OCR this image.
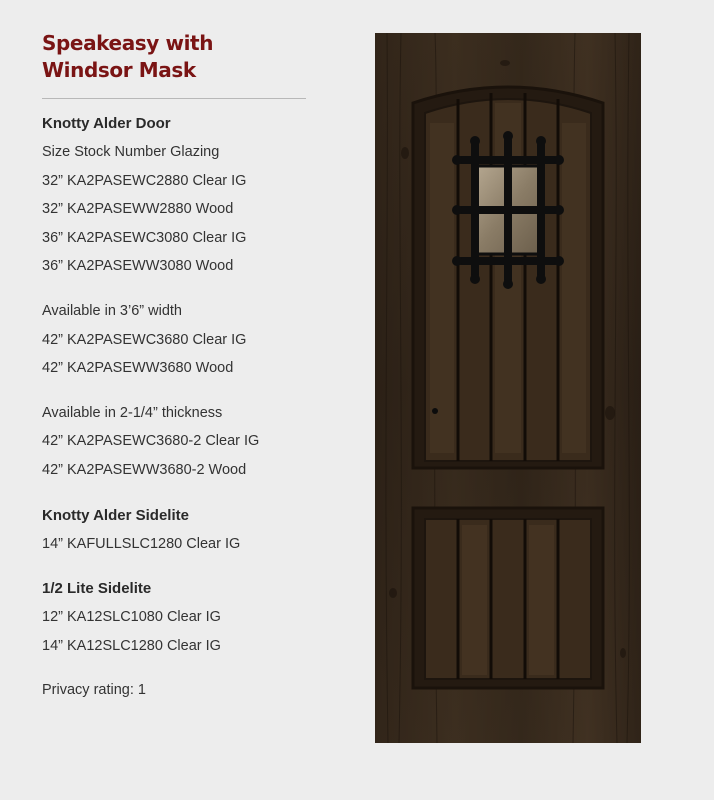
Speakeasy with Windsor Mask
Knotty Alder Door
Size Stock Number Glazing
32” KA2PASEWC2880 Clear IG
32” KA2PASEWW2880 Wood
36” KA2PASEWC3080 Clear IG
36” KA2PASEWW3080 Wood
Available in 3’6” width
42” KA2PASEWC3680 Clear IG
42” KA2PASEWW3680 Wood
Available in 2-1/4” thickness
42” KA2PASEWC3680-2 Clear IG
42” KA2PASEWW3680-2 Wood
Knotty Alder Sidelite
14” KAFULLSLC1280 Clear IG
1/2 Lite Sidelite
12” KA12SLC1080 Clear IG
14” KA12SLC1280 Clear IG
Privacy rating: 1
